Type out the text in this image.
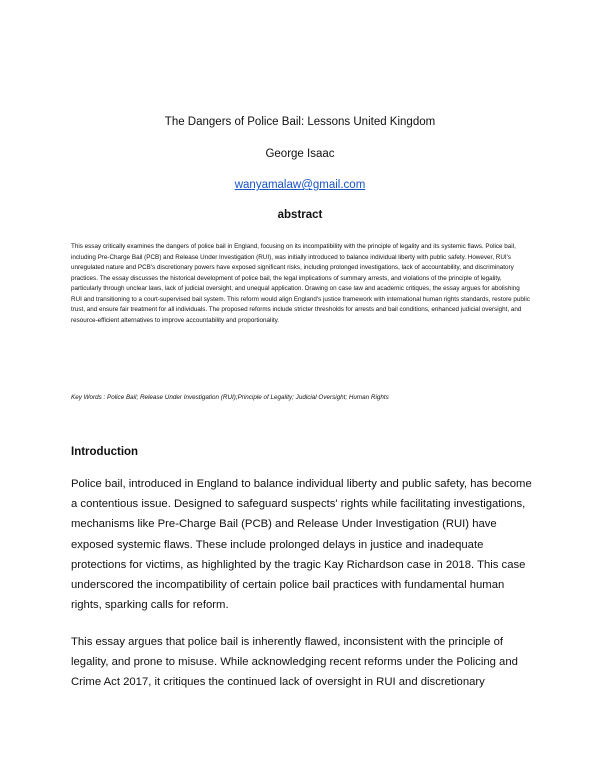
The Dangers of Police Bail: Lessons United Kingdom
George Isaac
wanyamalaw@gmail.com
abstract

This essay critically examines the dangers of police bail in England, focusing on its incompatibility with the principle of legality and its systemic flaws. Police bail, including Pre-Charge Bail (PCB) and Release Under Investigation (RUI), was initially introduced to balance individual liberty with public safety. However, RUI's unregulated nature and PCB's discretionary powers have exposed significant risks, including prolonged investigations, lack of accountability, and discriminatory practices. The essay discusses the historical development of police bail, the legal implications of summary arrests, and violations of the principle of legality, particularly through unclear laws, lack of judicial oversight, and unequal application. Drawing on case law and academic critiques, the essay argues for abolishing RUI and transitioning to a court-supervised bail system. This reform would align England's justice framework with international human rights standards, restore public trust, and ensure fair treatment for all individuals. The proposed reforms include stricter thresholds for arrests and bail conditions, enhanced judicial oversight, and resource-efficient alternatives to improve accountability and proportionality.

Key Words : Police Bail; Release Under Investigation (RUI);Principle of Legality; Judicial Oversight; Human Rights

Introduction

Police bail, introduced in England to balance individual liberty and public safety, has become a contentious issue. Designed to safeguard suspects' rights while facilitating investigations, mechanisms like Pre-Charge Bail (PCB) and Release Under Investigation (RUI) have exposed systemic flaws. These include prolonged delays in justice and inadequate protections for victims, as highlighted by the tragic Kay Richardson case in 2018. This case underscored the incompatibility of certain police bail practices with fundamental human rights, sparking calls for reform.

This essay argues that police bail is inherently flawed, inconsistent with the principle of legality, and prone to misuse. While acknowledging recent reforms under the Policing and Crime Act 2017, it critiques the continued lack of oversight in RUI and discretionary
